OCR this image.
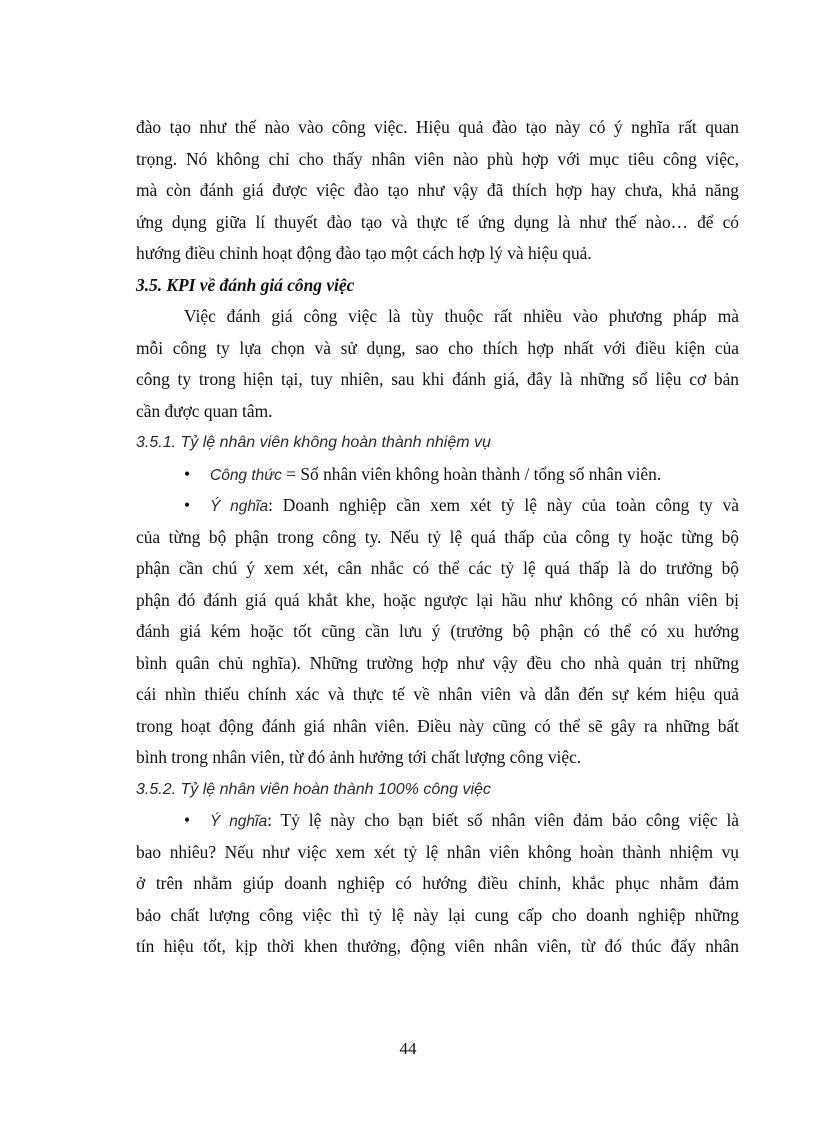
đào tạo như thế nào vào công việc. Hiệu quả đào tạo này có ý nghĩa rất quan
trọng. Nó không chỉ cho thấy nhân viên nào phù hợp với mục tiêu công việc,
mà còn đánh giá được việc đào tạo như vậy đã thích hợp hay chưa, khả năng
ứng dụng giữa lí thuyết đào tạo và thực tế ứng dụng là như thế nào… để có
hướng điều chỉnh hoạt động đào tạo một cách hợp lý và hiệu quả.
3.5. KPI về đánh giá công việc
Việc đánh giá công việc là tùy thuộc rất nhiều vào phương pháp mà
mỗi công ty lựa chọn và sử dụng, sao cho thích hợp nhất với điều kiện của
công ty trong hiện tại, tuy nhiên, sau khi đánh giá, đây là những số liệu cơ bản
cần được quan tâm.
3.5.1. Tỷ lệ nhân viên không hoàn thành nhiệm vụ
• Công thức = Số nhân viên không hoàn thành / tổng số nhân viên.
• Ý nghĩa: Doanh nghiệp cần xem xét tỷ lệ này của toàn công ty và
của từng bộ phận trong công ty. Nếu tỷ lệ quá thấp của công ty hoặc từng bộ
phận cần chú ý xem xét, cân nhắc có thể các tỷ lệ quá thấp là do trưởng bộ
phận đó đánh giá quá khắt khe, hoặc ngược lại hầu như không có nhân viên bị
đánh giá kém hoặc tốt cũng cần lưu ý (trưởng bộ phận có thể có xu hướng
bình quân chủ nghĩa). Những trường hợp như vậy đều cho nhà quản trị những
cái nhìn thiếu chính xác và thực tế về nhân viên và dẫn đến sự kém hiệu quả
trong hoạt động đánh giá nhân viên. Điều này cũng có thể sẽ gây ra những bất
bình trong nhân viên, từ đó ảnh hưởng tới chất lượng công việc.
3.5.2. Tỷ lệ nhân viên hoàn thành 100% công việc
• Ý nghĩa: Tỷ lệ này cho bạn biết số nhân viên đảm bảo công việc là
bao nhiêu? Nếu như việc xem xét tỷ lệ nhân viên không hoàn thành nhiệm vụ
ở trên nhằm giúp doanh nghiệp có hướng điều chỉnh, khắc phục nhằm đảm
bảo chất lượng công việc thì tỷ lệ này lại cung cấp cho doanh nghiệp những
tín hiệu tốt, kịp thời khen thưởng, động viên nhân viên, từ đó thúc đẩy nhân
44
